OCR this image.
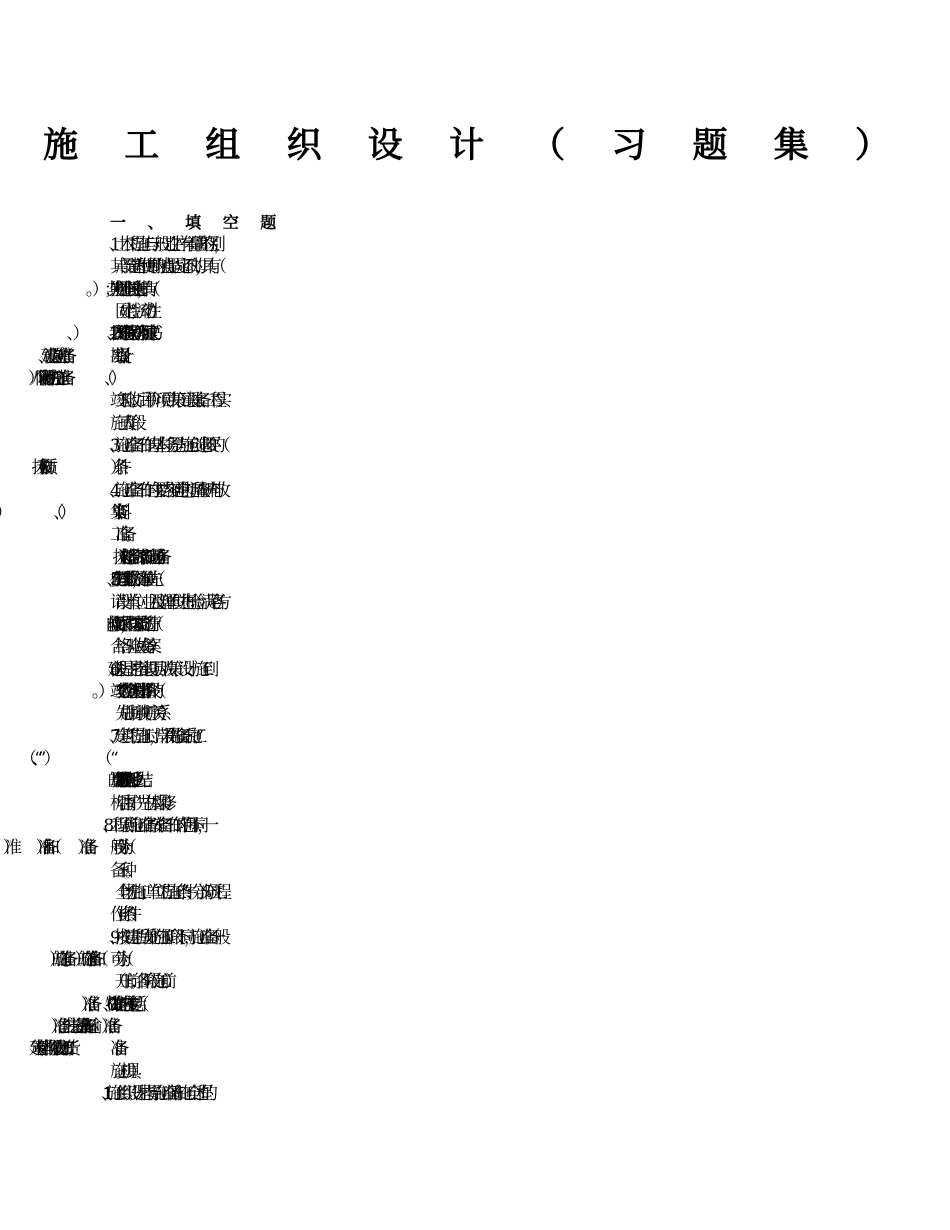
施 工 组 织 设 计 （ 习 题 集 ）
一 、 填 空 题
1、土木工程施工与一般工业生产有着显著的区别，
其产品建造和使用的地点是固定不动的，具有（
（固定性；流动性）
竣工验收；后评价）项目决策、建设准备、工程实
施三大阶段
3、施工准备工作的基本任务是为施工创造必要的（
4、施工准备工作的主要内容通常包括调查研究与收
工准备。
（技术资料准备；资源准备；施工现场准备）
5、在工程竣工验收阶段，施工单位首先（    ）；再
请设计单位、业主及监理单位进行检验；满足各方
合格；验收或备案）
6、 建设程序是指建设项目从决策、设计、施工到
（先后顺序或顺序关系）
7、建筑工程施工时，常采用“先准备后施工”、
土建后设备” 的展开顺序。（先地下后地上；先结
构后围护；先主体后装修）
8、工程项目施工准备按准备工作的范围不同，一
备三种。
（全场性施工；单位工程施工条件；分部分项工程
作业条件）
9、按拟建工程所处的施工阶段不同，施工准备一般
（开工前；各阶段施工前）
施工机具）   。
11、施工组织设计是指导施工准备和施工全过程的
